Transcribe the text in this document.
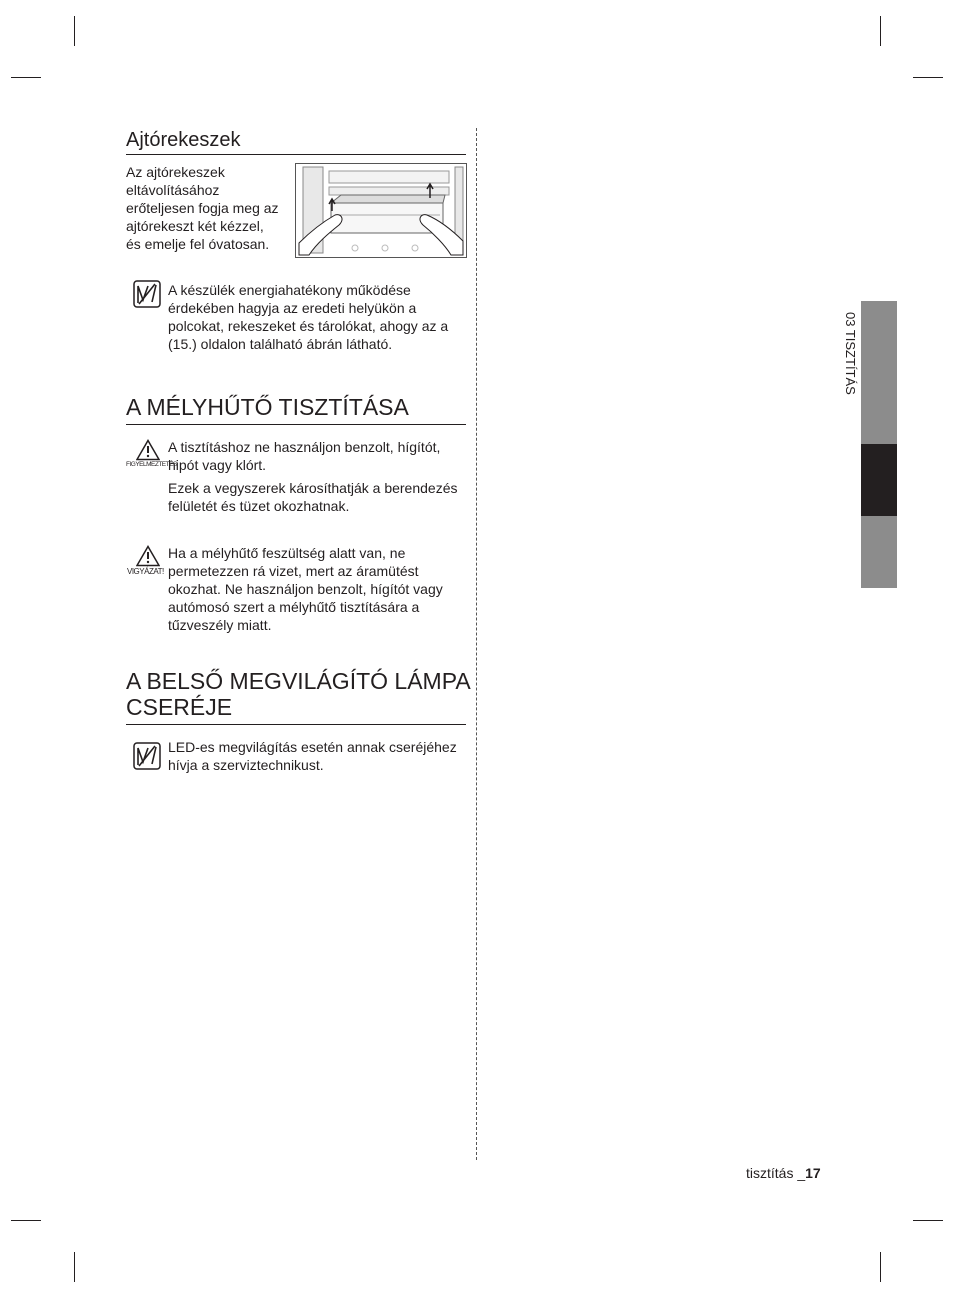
Ajtórekeszek
Az ajtórekeszek
eltávolításához
erőteljesen fogja meg az
ajtórekeszt két kézzel,
és emelje fel óvatosan.
A készülék energiahatékony működése
érdekében hagyja az eredeti helyükön a
polcokat, rekeszeket és tárolókat, ahogy az a
(15.) oldalon található ábrán látható.
A MÉLYHŰTŐ TISZTÍTÁSA
FIGYELMEZTETÉS
A tisztításhoz ne használjon benzolt, hígítót,
hipót vagy klórt.
Ezek a vegyszerek károsíthatják a berendezés
felületét és tüzet okozhatnak.
VIGYÁZAT!
Ha a mélyhűtő feszültség alatt van, ne
permetezzen rá vizet, mert az áramütést
okozhat. Ne használjon benzolt, hígítót vagy
autómosó szert a mélyhűtő tisztítására a
tűzveszély miatt.
A BELSŐ MEGVILÁGÍTÓ LÁMPA
CSERÉJE
LED-es megvilágítás esetén annak cseréjéhez
hívja a szerviztechnikust.
03 TISZTÍTÁS
tisztítás _17
